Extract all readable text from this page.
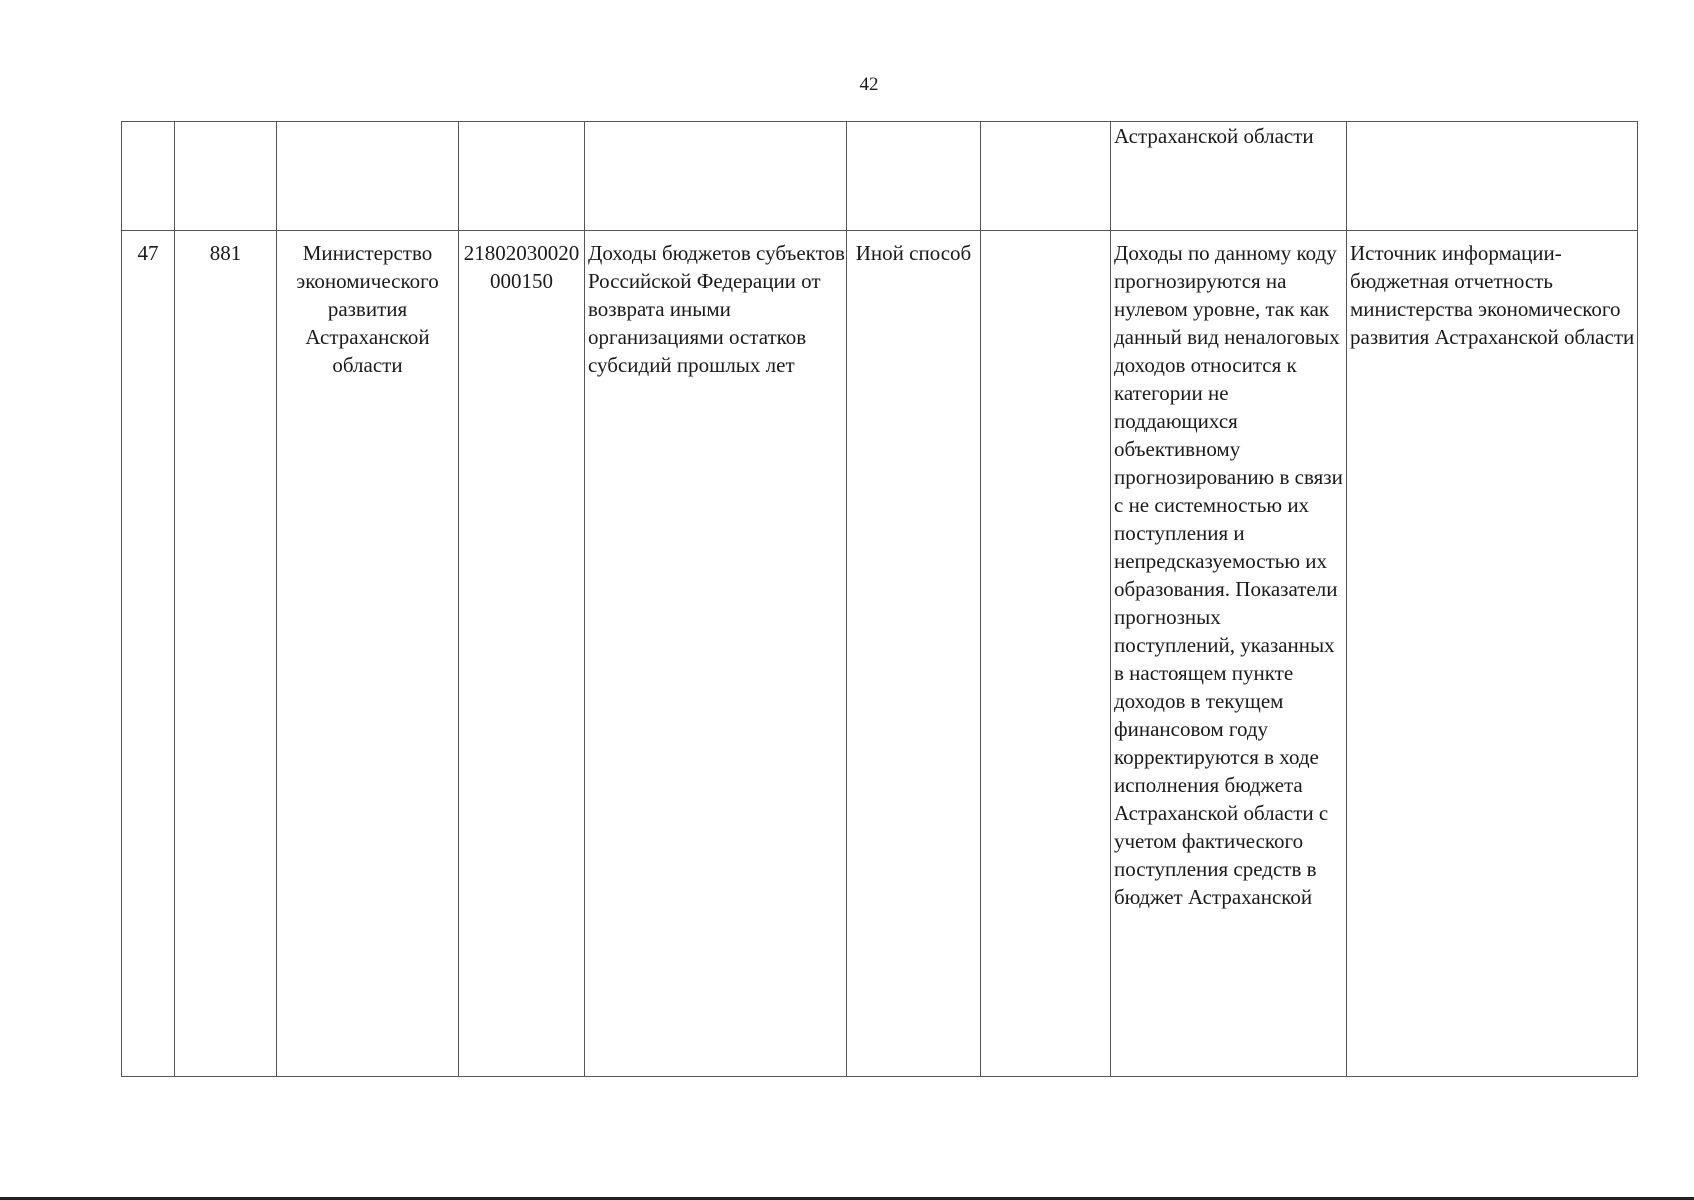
42
							Астраханской области	
47	881	Министерство экономического развития Астраханской области	21802030020000150	Доходы бюджетов субъектов Российской Федерации от возврата иными организациями остатков субсидий прошлых лет	Иной способ		Доходы по данному коду прогнозируются на нулевом уровне, так как данный вид неналоговых доходов относится к категории не поддающихся объективному прогнозированию в связи с не системностью их поступления и непредсказуемостью их образования. Показатели прогнозных поступлений, указанных в настоящем пункте доходов в текущем финансовом году корректируются в ходе исполнения бюджета Астраханской области с учетом фактического поступления средств в бюджет Астраханской	Источник информации-бюджетная отчетность министерства экономического развития Астраханской области
